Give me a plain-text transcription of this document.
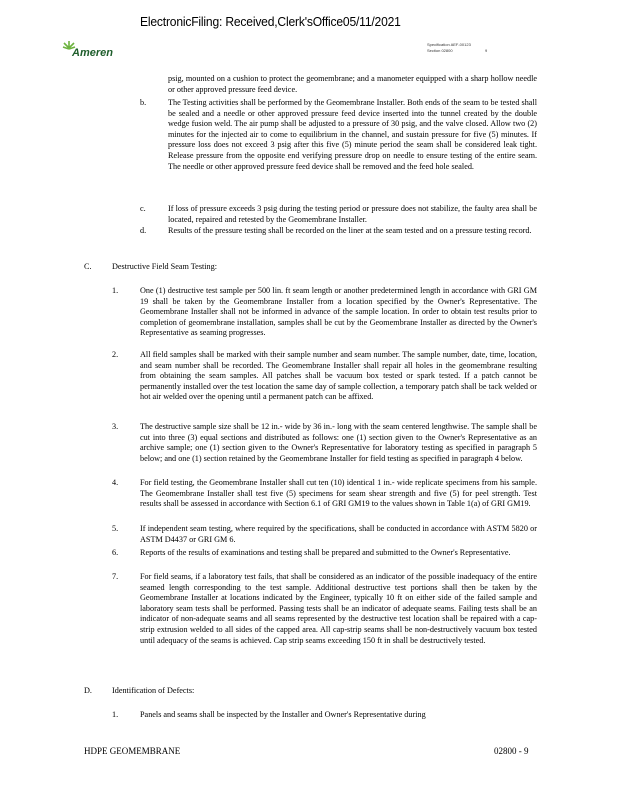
ElectronicFiling: Received,Clerk'sOffice05/11/2021
Ameren
Specification AEF-00123
Section 02800	9
psig, mounted on a cushion to protect the geomembrane; and a manometer equipped with a sharp hollow needle or other approved pressure feed device.
b.	The Testing activities shall be performed by the Geomembrane Installer. Both ends of the seam to be tested shall be sealed and a needle or other approved pressure feed device inserted into the tunnel created by the double wedge fusion weld. The air pump shall be adjusted to a pressure of 30 psig, and the valve closed. Allow two (2) minutes for the injected air to come to equilibrium in the channel, and sustain pressure for five (5) minutes. If pressure loss does not exceed 3 psig after this five (5) minute period the seam shall be considered leak tight. Release pressure from the opposite end verifying pressure drop on needle to ensure testing of the entire seam. The needle or other approved pressure feed device shall be removed and the feed hole sealed.
c.	If loss of pressure exceeds 3 psig during the testing period or pressure does not stabilize, the faulty area shall be located, repaired and retested by the Geomembrane Installer.
d.	Results of the pressure testing shall be recorded on the liner at the seam tested and on a pressure testing record.
C. Destructive Field Seam Testing:
1.	One (1) destructive test sample per 500 lin. ft seam length or another predetermined length in accordance with GRI GM 19 shall be taken by the Geomembrane Installer from a location specified by the Owner's Representative. The Geomembrane Installer shall not be informed in advance of the sample location. In order to obtain test results prior to completion of geomembrane installation, samples shall be cut by the Geomembrane Installer as directed by the Owner's Representative as seaming progresses.
2.	All field samples shall be marked with their sample number and seam number. The sample number, date, time, location, and seam number shall be recorded. The Geomembrane Installer shall repair all holes in the geomembrane resulting from obtaining the seam samples. All patches shall be vacuum box tested or spark tested. If a patch cannot be permanently installed over the test location the same day of sample collection, a temporary patch shall be tack welded or hot air welded over the opening until a permanent patch can be affixed.
3.	The destructive sample size shall be 12 in.- wide by 36 in.- long with the seam centered lengthwise. The sample shall be cut into three (3) equal sections and distributed as follows: one (1) section given to the Owner's Representative as an archive sample; one (1) section given to the Owner's Representative for laboratory testing as specified in paragraph 5 below; and one (1) section retained by the Geomembrane Installer for field testing as specified in paragraph 4 below.
4.	For field testing, the Geomembrane Installer shall cut ten (10) identical 1 in.- wide replicate specimens from his sample. The Geomembrane Installer shall test five (5) specimens for seam shear strength and five (5) for peel strength. Test results shall be assessed in accordance with Section 6.1 of GRI GM19 to the values shown in Table 1(a) of GRI GM19.
5.	If independent seam testing, where required by the specifications, shall be conducted in accordance with ASTM 5820 or ASTM D4437 or GRI GM 6.
6.	Reports of the results of examinations and testing shall be prepared and submitted to the Owner's Representative.
7.	For field seams, if a laboratory test fails, that shall be considered as an indicator of the possible inadequacy of the entire seamed length corresponding to the test sample. Additional destructive test portions shall then be taken by the Geomembrane Installer at locations indicated by the Engineer, typically 10 ft on either side of the failed sample and laboratory seam tests shall be performed. Passing tests shall be an indicator of adequate seams. Failing tests shall be an indicator of non-adequate seams and all seams represented by the destructive test location shall be repaired with a cap-strip extrusion welded to all sides of the capped area. All cap-strip seams shall be non-destructively vacuum box tested until adequacy of the seams is achieved. Cap strip seams exceeding 150 ft in shall be destructively tested.
D. Identification of Defects:
1.	Panels and seams shall be inspected by the Installer and Owner's Representative during
HDPE GEOMEMBRANE	02800 - 9
